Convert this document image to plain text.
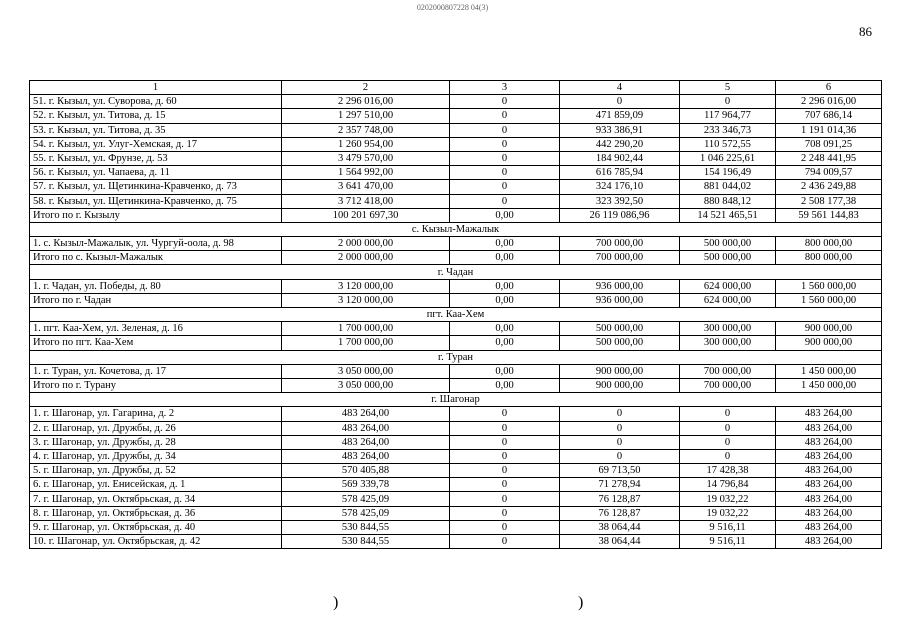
0202000807228 04(3)
86
1	2	3	4	5	6
51. г. Кызыл, ул. Суворова, д. 60	2 296 016,00	0	0	0	2 296 016,00
52. г. Кызыл, ул. Титова, д. 15	1 297 510,00	0	471 859,09	117 964,77	707 686,14
53. г. Кызыл, ул. Титова, д. 35	2 357 748,00	0	933 386,91	233 346,73	1 191 014,36
54. г. Кызыл, ул. Улуг-Хемская, д. 17	1 260 954,00	0	442 290,20	110 572,55	708 091,25
55. г. Кызыл, ул. Фрунзе, д. 53	3 479 570,00	0	184 902,44	1 046 225,61	2 248 441,95
56. г. Кызыл, ул. Чапаева, д. 11	1 564 992,00	0	616 785,94	154 196,49	794 009,57
57. г. Кызыл, ул. Щетинкина-Кравченко, д. 73	3 641 470,00	0	324 176,10	881 044,02	2 436 249,88
58. г. Кызыл, ул. Щетинкина-Кравченко, д. 75	3 712 418,00	0	323 392,50	880 848,12	2 508 177,38
Итого по г. Кызылу	100 201 697,30	0,00	26 119 086,96	14 521 465,51	59 561 144,83
с. Кызыл-Мажалык					
1. с. Кызыл-Мажалык, ул. Чургуй-оола, д. 98	2 000 000,00	0,00	700 000,00	500 000,00	800 000,00
Итого по с. Кызыл-Мажалык	2 000 000,00	0,00	700 000,00	500 000,00	800 000,00
г. Чадан					
1. г. Чадан, ул. Победы, д. 80	3 120 000,00	0,00	936 000,00	624 000,00	1 560 000,00
Итого по г. Чадан	3 120 000,00	0,00	936 000,00	624 000,00	1 560 000,00
пгт. Каа-Хем					
1. пгт. Каа-Хем, ул. Зеленая, д. 16	1 700 000,00	0,00	500 000,00	300 000,00	900 000,00
Итого по пгт. Каа-Хем	1 700 000,00	0,00	500 000,00	300 000,00	900 000,00
г. Туран					
1. г. Туран, ул. Кочетова, д. 17	3 050 000,00	0,00	900 000,00	700 000,00	1 450 000,00
Итого по г. Турану	3 050 000,00	0,00	900 000,00	700 000,00	1 450 000,00
г. Шагонар					
1. г. Шагонар, ул. Гагарина, д. 2	483 264,00	0	0	0	483 264,00
2. г. Шагонар, ул. Дружбы, д. 26	483 264,00	0	0	0	483 264,00
3. г. Шагонар, ул. Дружбы, д. 28	483 264,00	0	0	0	483 264,00
4. г. Шагонар, ул. Дружбы, д. 34	483 264,00	0	0	0	483 264,00
5. г. Шагонар, ул. Дружбы, д. 52	570 405,88	0	69 713,50	17 428,38	483 264,00
6. г. Шагонар, ул. Енисейская, д. 1	569 339,78	0	71 278,94	14 796,84	483 264,00
7. г. Шагонар, ул. Октябрьская, д. 34	578 425,09	0	76 128,87	19 032,22	483 264,00
8. г. Шагонар, ул. Октябрьская, д. 36	578 425,09	0	76 128,87	19 032,22	483 264,00
9. г. Шагонар, ул. Октябрьская, д. 40	530 844,55	0	38 064,44	9 516,11	483 264,00
10. г. Шагонар, ул. Октябрьская, д. 42	530 844,55	0	38 064,44	9 516,11	483 264,00
)	)
